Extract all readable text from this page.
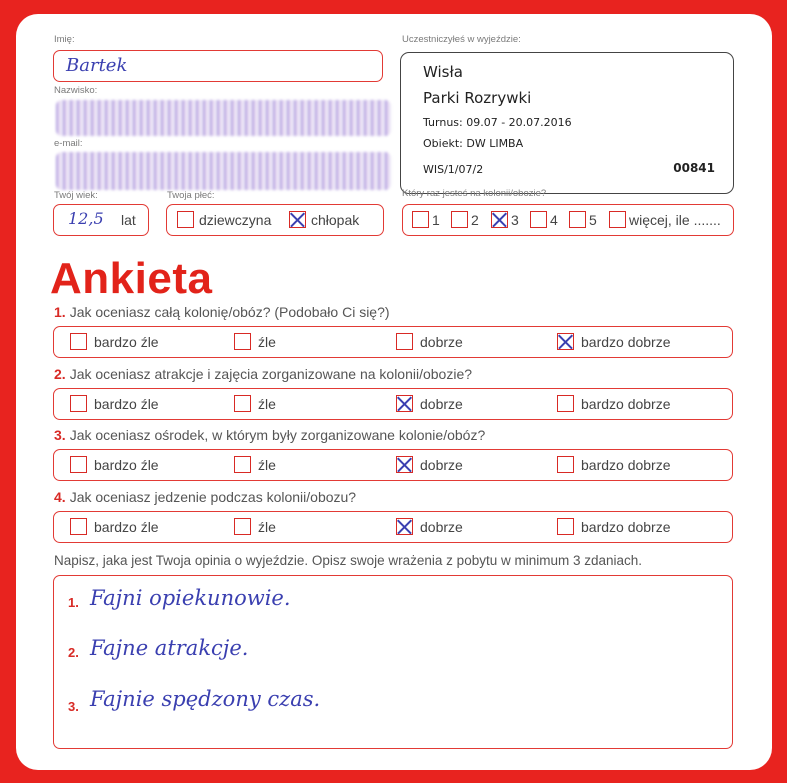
Imię:
Bartek
Nazwisko:
e-mail:
Twój wiek:
12,5 lat
Twoja płeć:
dziewczyna	chłopak
Uczestniczyłeś w wyjeździe:
Wisła
Parki Rozrywki
Turnus: 09.07 - 20.07.2016
Obiekt: DW LIMBA
WIS/1/07/2	00841
Który raz jesteś na kolonii/obozie?
1 2 3 4 5 więcej, ile .......
Ankieta
1. Jak oceniasz całą kolonię/obóz? (Podobało Ci się?)
bardzo źle	źle	dobrze	bardzo dobrze
2. Jak oceniasz atrakcje i zajęcia zorganizowane na kolonii/obozie?
bardzo źle	źle	dobrze	bardzo dobrze
3. Jak oceniasz ośrodek, w którym były zorganizowane kolonie/obóz?
bardzo źle	źle	dobrze	bardzo dobrze
4. Jak oceniasz jedzenie podczas kolonii/obozu?
bardzo źle	źle	dobrze	bardzo dobrze
Napisz, jaka jest Twoja opinia o wyjeździe. Opisz swoje wrażenia z pobytu w minimum 3 zdaniach.
1. Fajni opiekunowie.
2. Fajne atrakcje.
3. Fajnie spędzony czas.
